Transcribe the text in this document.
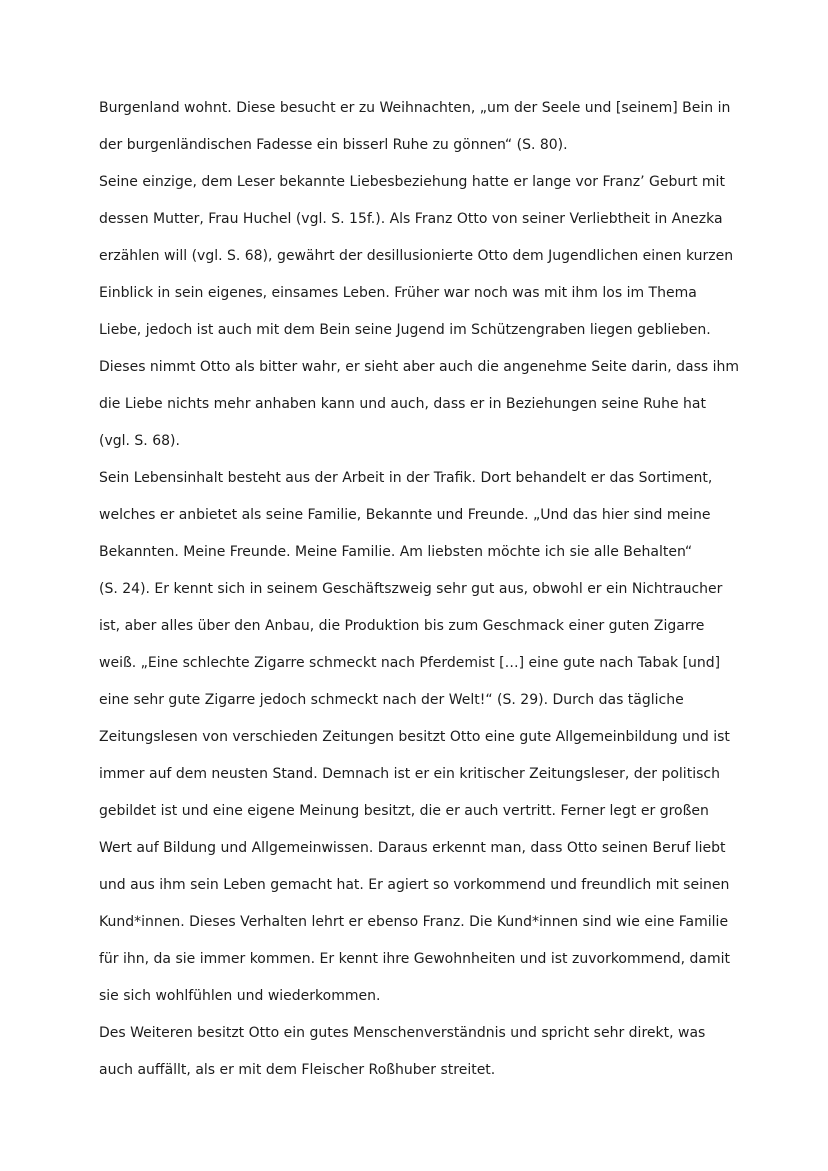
Burgenland wohnt. Diese besucht er zu Weihnachten, „um der Seele und [seinem] Bein in
der burgenländischen Fadesse ein bisserl Ruhe zu gönnen“ (S. 80).
Seine einzige, dem Leser bekannte Liebesbeziehung hatte er lange vor Franz’ Geburt mit
dessen Mutter, Frau Huchel (vgl. S. 15f.). Als Franz Otto von seiner Verliebtheit in Anezka
erzählen will (vgl. S. 68), gewährt der desillusionierte Otto dem Jugendlichen einen kurzen
Einblick in sein eigenes, einsames Leben. Früher war noch was mit ihm los im Thema
Liebe, jedoch ist auch mit dem Bein seine Jugend im Schützengraben liegen geblieben.
Dieses nimmt Otto als bitter wahr, er sieht aber auch die angenehme Seite darin, dass ihm
die Liebe nichts mehr anhaben kann und auch, dass er in Beziehungen seine Ruhe hat
(vgl. S. 68).
Sein Lebensinhalt besteht aus der Arbeit in der Trafik. Dort behandelt er das Sortiment,
welches er anbietet als seine Familie, Bekannte und Freunde. „Und das hier sind meine
Bekannten. Meine Freunde. Meine Familie. Am liebsten möchte ich sie alle Behalten“
(S. 24). Er kennt sich in seinem Geschäftszweig sehr gut aus, obwohl er ein Nichtraucher
ist, aber alles über den Anbau, die Produktion bis zum Geschmack einer guten Zigarre
weiß. „Eine schlechte Zigarre schmeckt nach Pferdemist […] eine gute nach Tabak [und]
eine sehr gute Zigarre jedoch schmeckt nach der Welt!“ (S. 29). Durch das tägliche
Zeitungslesen von verschieden Zeitungen besitzt Otto eine gute Allgemeinbildung und ist
immer auf dem neusten Stand. Demnach ist er ein kritischer Zeitungsleser, der politisch
gebildet ist und eine eigene Meinung besitzt, die er auch vertritt. Ferner legt er großen
Wert auf Bildung und Allgemeinwissen. Daraus erkennt man, dass Otto seinen Beruf liebt
und aus ihm sein Leben gemacht hat. Er agiert so vorkommend und freundlich mit seinen
Kund*innen. Dieses Verhalten lehrt er ebenso Franz. Die Kund*innen sind wie eine Familie
für ihn, da sie immer kommen. Er kennt ihre Gewohnheiten und ist zuvorkommend, damit
sie sich wohlfühlen und wiederkommen.
Des Weiteren besitzt Otto ein gutes Menschenverständnis und spricht sehr direkt, was
auch auffällt, als er mit dem Fleischer Roßhuber streitet.
